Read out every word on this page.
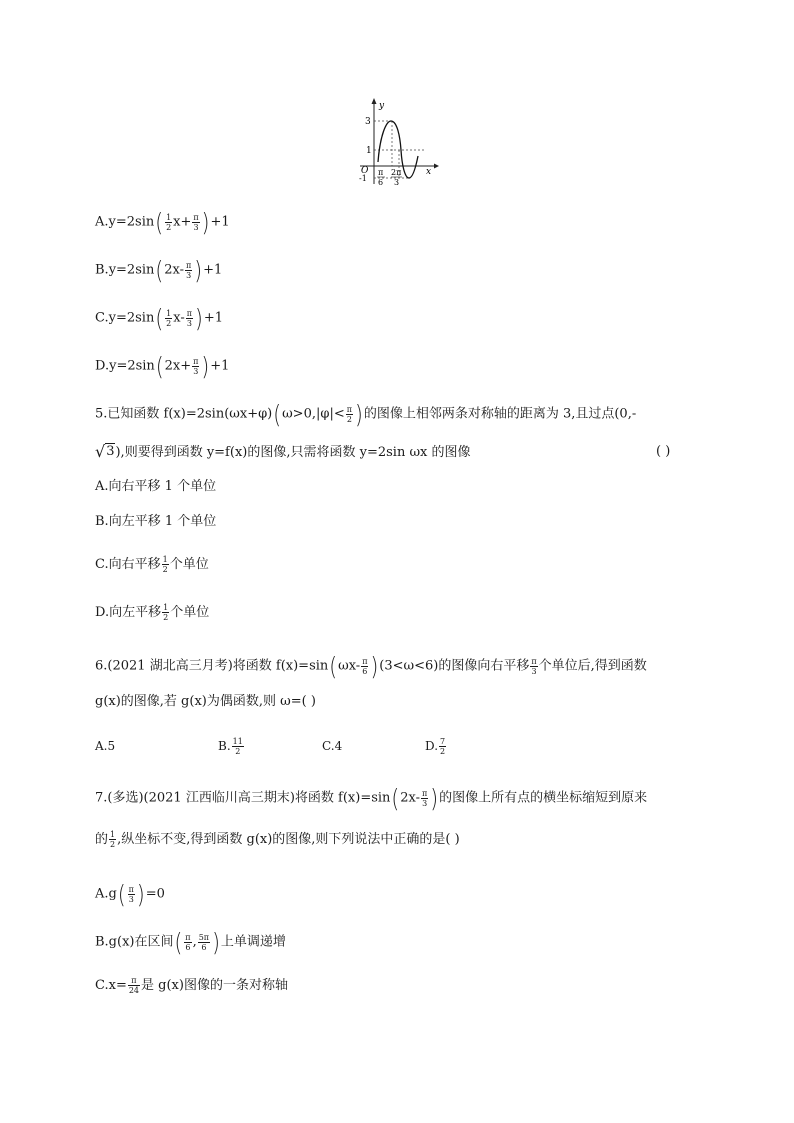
y
x
O
3
1
-1
π
6
2π
3
$A.y=2\sin( \frac{1}{2} x+ \frac{\pi}{3} )+1$
$B.y=2\sin(2x- \frac{\pi}{3} )+1$
$C.y=2\sin( \frac{1}{2} x- \frac{\pi}{3} )+1$
$D.y=2\sin(2x+ \frac{\pi}{3} )+1$
5.已知函数 $f(x)=2\sin(\omega x+\varphi)(\omega>0,|\varphi|< \frac{\pi}{2}$ )的图像上相邻两条对称轴的距离为 3,且过点(0,-
√3),则要得到函数 y=f(x)的图像,只需将函数 y=2sin ωx 的图像	( )
A.向右平移 1 个单位
B.向左平移 1 个单位
C.向右平移 $\frac{1}{2}$ 个单位
D.向左平移 $\frac{1}{2}$ 个单位
6.(2021 湖北高三月考)将函数 $f(x)=\sin(\omega x- \frac{\pi}{6} )(3<\omega<6)$的图像向右平移 $\frac{\pi}{3}$ 个单位后,得到函数
g(x)的图像,若 g(x)为偶函数,则 ω=( )
A.5	B. $\frac{11}{2}$	C.4	D. $\frac{7}{2}$
7.(多选)(2021 江西临川高三期末)将函数 $f(x)=\sin(2x- \frac{\pi}{3}$ )的图像上所有点的横坐标缩短到原来
的 $\frac{1}{2}$ ,纵坐标不变,得到函数 g(x)的图像,则下列说法中正确的是( )
$A.g( \frac{\pi}{3} )=0$
B.g(x)在区间( $\frac{\pi}{6}$ , $\frac{5\pi}{6}$ )上单调递增
$C.x= \frac{\pi}{24}$ 是 g(x)图像的一条对称轴
